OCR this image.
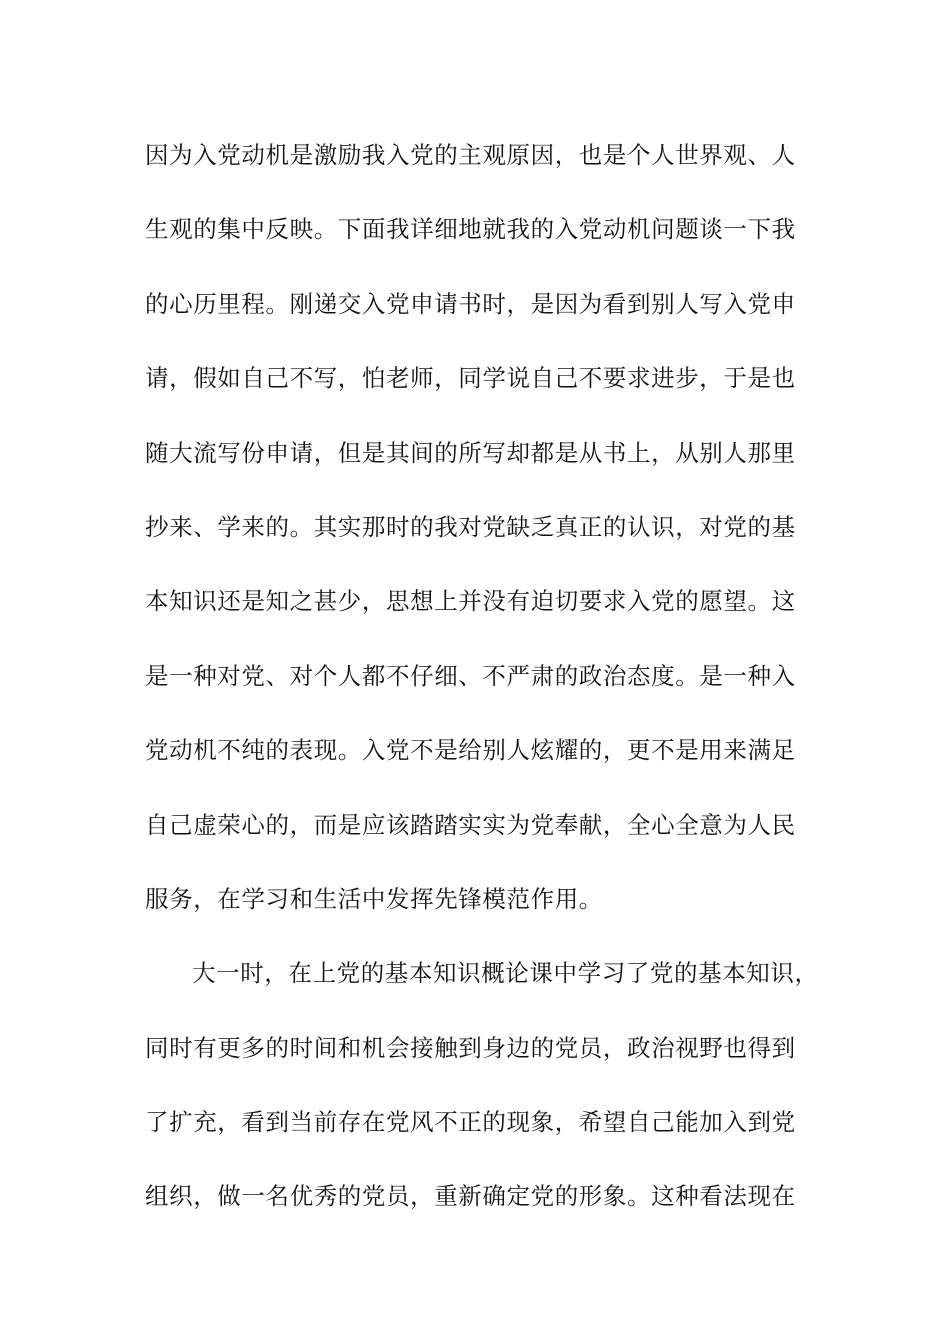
因为入党动机是激励我入党的主观原因，也是个人世界观、人
生观的集中反映。下面我详细地就我的入党动机问题谈一下我
的心历里程。刚递交入党申请书时，是因为看到别人写入党申
请，假如自己不写，怕老师，同学说自己不要求进步，于是也
随大流写份申请，但是其间的所写却都是从书上，从别人那里
抄来、学来的。其实那时的我对党缺乏真正的认识，对党的基
本知识还是知之甚少，思想上并没有迫切要求入党的愿望。这
是一种对党、对个人都不仔细、不严肃的政治态度。是一种入
党动机不纯的表现。入党不是给别人炫耀的，更不是用来满足
自己虚荣心的，而是应该踏踏实实为党奉献，全心全意为人民
服务，在学习和生活中发挥先锋模范作用。
大一时，在上党的基本知识概论课中学习了党的基本知识，
同时有更多的时间和机会接触到身边的党员，政治视野也得到
了扩充，看到当前存在党风不正的现象，希望自己能加入到党
组织，做一名优秀的党员，重新确定党的形象。这种看法现在
